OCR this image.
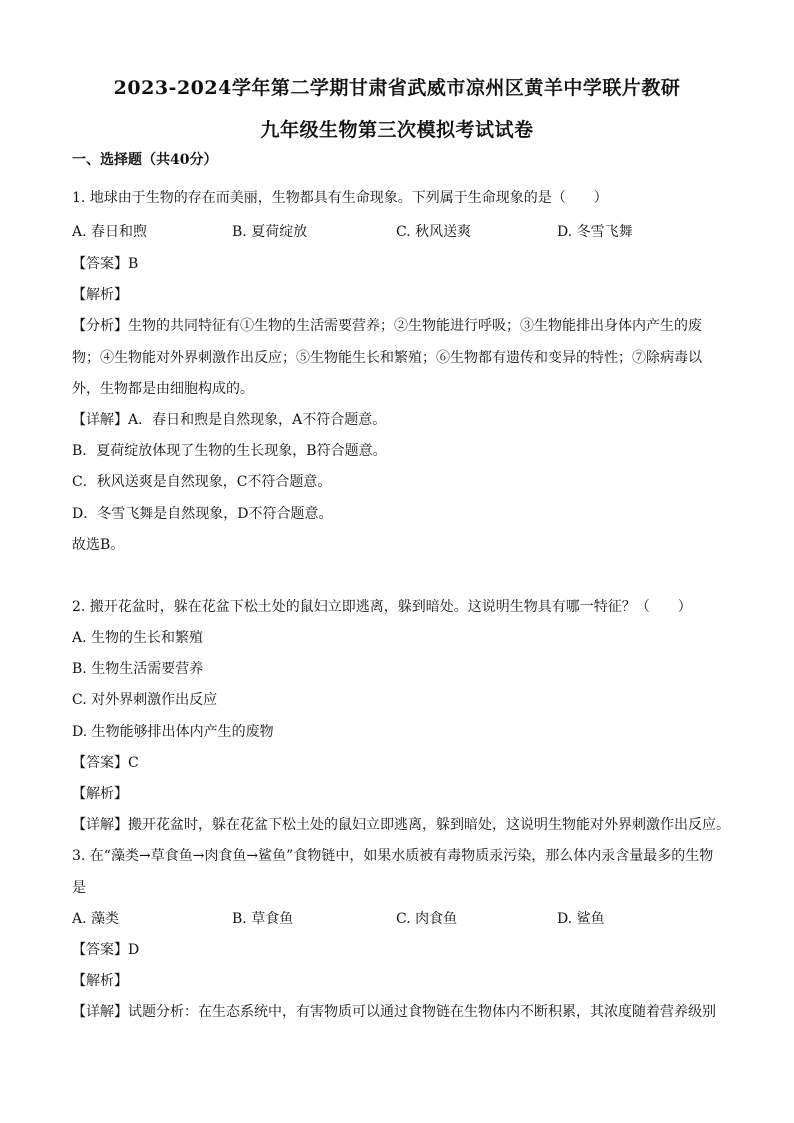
2023-2024学年第二学期甘肃省武威市凉州区黄羊中学联片教研
九年级生物第三次模拟考试试卷
一、选择题（共40分）
1. 地球由于生物的存在而美丽，生物都具有生命现象。下列属于生命现象的是（　　）
A. 春日和煦	B. 夏荷绽放	C. 秋风送爽	D. 冬雪飞舞
【答案】B
【解析】
【分析】生物的共同特征有①生物的生活需要营养；②生物能进行呼吸；③生物能排出身体内产生的废
物；④生物能对外界刺激作出反应；⑤生物能生长和繁殖；⑥生物都有遗传和变异的特性；⑦除病毒以
外，生物都是由细胞构成的。
【详解】A．春日和煦是自然现象，A不符合题意。
B．夏荷绽放体现了生物的生长现象，B符合题意。
C．秋风送爽是自然现象，C不符合题意。
D．冬雪飞舞是自然现象，D不符合题意。
故选B。
2. 搬开花盆时，躲在花盆下松土处的鼠妇立即逃离，躲到暗处。这说明生物具有哪一特征？（　　）
A. 生物的生长和繁殖
B. 生物生活需要营养
C. 对外界刺激作出反应
D. 生物能够排出体内产生的废物
【答案】C
【解析】
【详解】搬开花盆时，躲在花盆下松土处的鼠妇立即逃离，躲到暗处，这说明生物能对外界刺激作出反应。
3. 在“藻类→草食鱼→肉食鱼→鲨鱼”食物链中，如果水质被有毒物质汞污染，那么体内汞含量最多的生物
是
A. 藻类	B. 草食鱼	C. 肉食鱼	D. 鲨鱼
【答案】D
【解析】
【详解】试题分析：在生态系统中，有害物质可以通过食物链在生物体内不断积累，其浓度随着营养级别
